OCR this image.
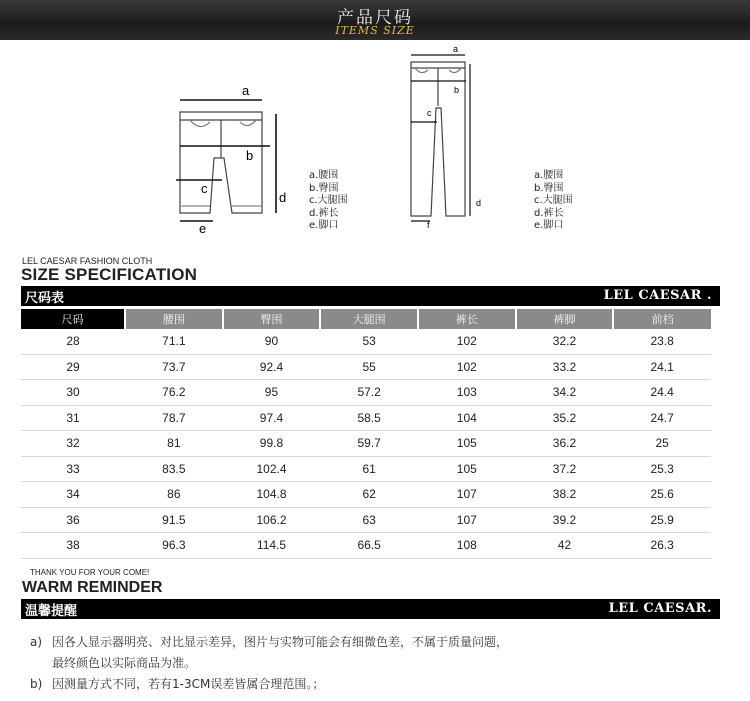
产品尺码
ITEMS SIZE
a
b
c
d
e
a
b
c
d
f
a.腰围
b.臀围
c.大腿围
d.裤长
e.脚口
a.腰围
b.臀围
c.大腿围
d.裤长
e.脚口
LEL CAESAR FASHION CLOTH
SIZE SPECIFICATION
尺码表	LEL CAESAR .
尺码	腰围	臀围	大腿围	裤长	裤脚	前档
28	71.1	90	53	102	32.2	23.8
29	73.7	92.4	55	102	33.2	24.1
30	76.2	95	57.2	103	34.2	24.4
31	78.7	97.4	58.5	104	35.2	24.7
32	81	99.8	59.7	105	36.2	25
33	83.5	102.4	61	105	37.2	25.3
34	86	104.8	62	107	38.2	25.6
36	91.5	106.2	63	107	39.2	25.9
38	96.3	114.5	66.5	108	42	26.3
THANK YOU FOR YOUR COME!
WARM REMINDER
温馨提醒	LEL CAESAR.
a) 因各人显示器明亮、对比显示差异，图片与实物可能会有细微色差，不属于质量问题，
最终颜色以实际商品为准。
b) 因测量方式不同，若有1-3CM误差皆属合理范围。；
